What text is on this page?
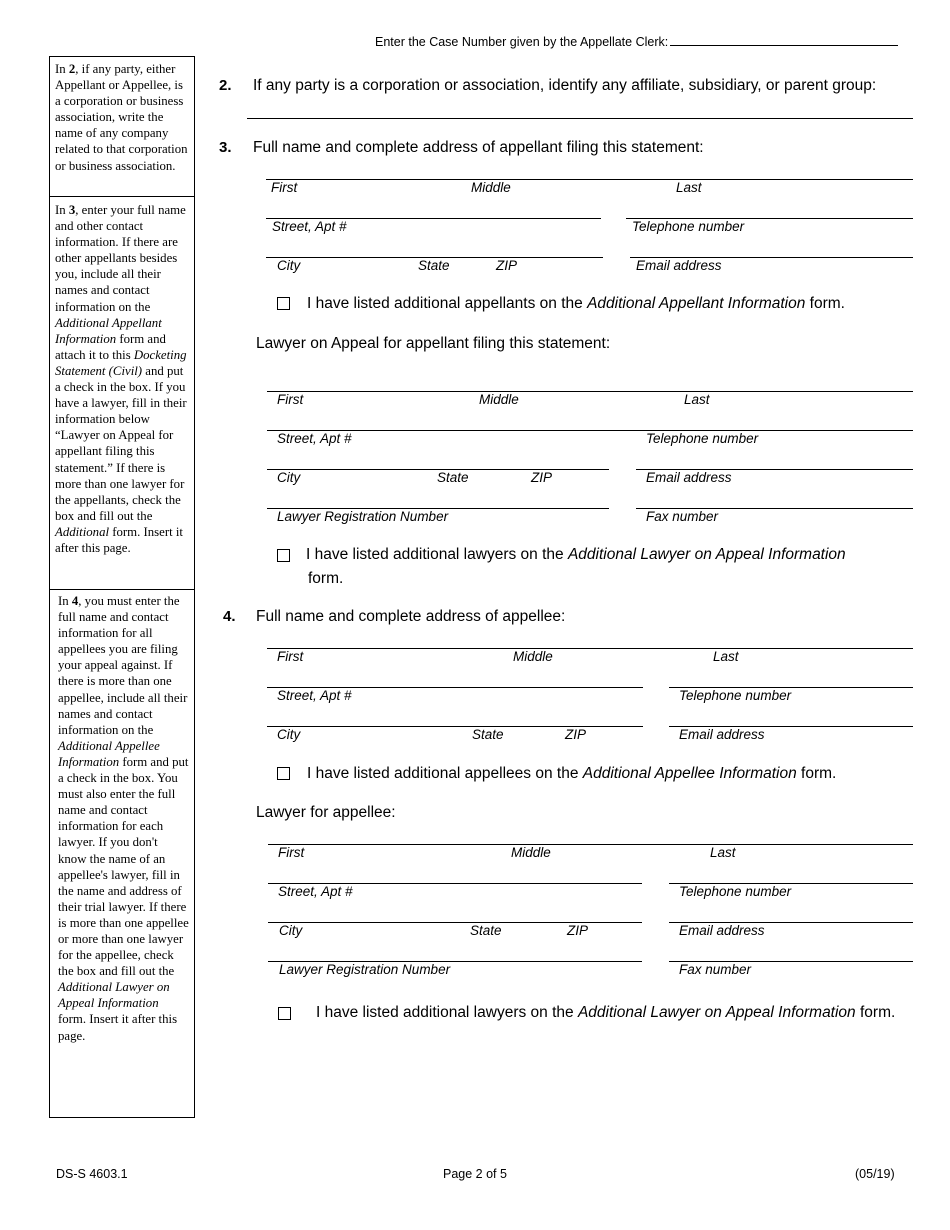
Enter the Case Number given by the Appellate Clerk:
In 2, if any party, either Appellant or Appellee, is a corporation or business association, write the name of any company related to that corporation or business association.
In 3, enter your full name and other contact information. If there are other appellants besides you, include all their names and contact information on the Additional Appellant Information form and attach it to this Docketing Statement (Civil) and put a check in the box. If you have a lawyer, fill in their information below “Lawyer on Appeal for appellant filing this statement.” If there is more than one lawyer for the appellants, check the box and fill out the Additional form. Insert it after this page.
In 4, you must enter the full name and contact information for all appellees you are filing your appeal against. If there is more than one appellee, include all their names and contact information on the Additional Appellee Information form and put a check in the box. You must also enter the full name and contact information for each lawyer. If you don't know the name of an appellee's lawyer, fill in the name and address of their trial lawyer. If there is more than one appellee or more than one lawyer for the appellee, check the box and fill out the Additional Lawyer on Appeal Information form. Insert it after this page.
2. If any party is a corporation or association, identify any affiliate, subsidiary, or parent group:
3. Full name and complete address of appellant filing this statement:
First	Middle	Last
Street, Apt #	Telephone number
City	State	ZIP	Email address
I have listed additional appellants on the Additional Appellant Information form.
Lawyer on Appeal for appellant filing this statement:
First	Middle	Last
Street, Apt #	Telephone number
City	State	ZIP	Email address
Lawyer Registration Number	Fax number
I have listed additional lawyers on the Additional Lawyer on Appeal Information
form.
4. Full name and complete address of appellee:
First	Middle	Last
Street, Apt #	Telephone number
City	State	ZIP	Email address
I have listed additional appellees on the Additional Appellee Information form.
Lawyer for appellee:
First	Middle	Last
Street, Apt #	Telephone number
City	State	ZIP	Email address
Lawyer Registration Number	Fax number
I have listed additional lawyers on the Additional Lawyer on Appeal Information form.
DS-S 4603.1	Page 2 of 5	(05/19)
